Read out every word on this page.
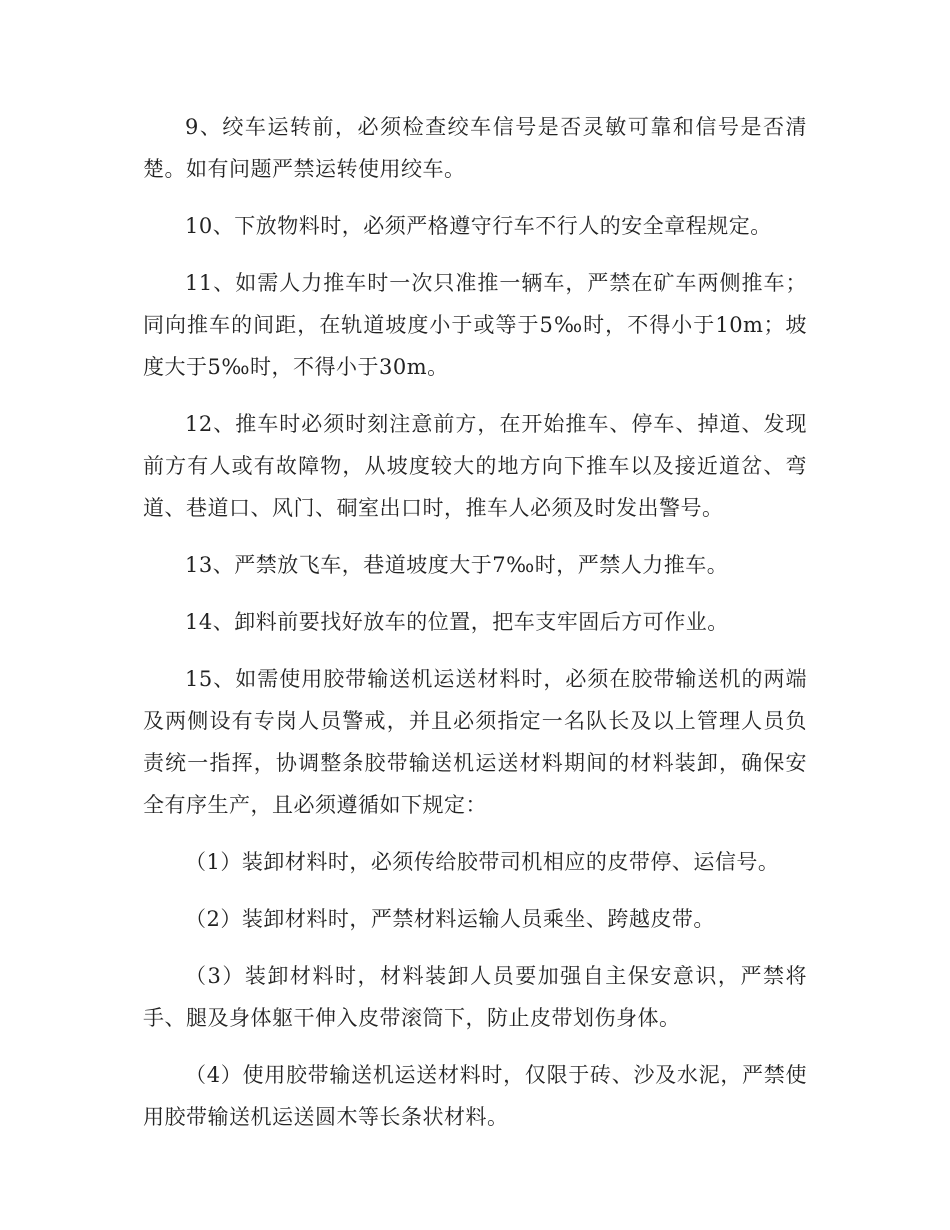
9、绞车运转前，必须检查绞车信号是否灵敏可靠和信号是否清楚。如有问题严禁运转使用绞车。

10、下放物料时，必须严格遵守行车不行人的安全章程规定。

11、如需人力推车时一次只准推一辆车，严禁在矿车两侧推车；同向推车的间距，在轨道坡度小于或等于5‰时，不得小于10m；坡度大于5‰时，不得小于30m。

12、推车时必须时刻注意前方，在开始推车、停车、掉道、发现前方有人或有故障物，从坡度较大的地方向下推车以及接近道岔、弯道、巷道口、风门、硐室出口时，推车人必须及时发出警号。

13、严禁放飞车，巷道坡度大于7‰时，严禁人力推车。

14、卸料前要找好放车的位置，把车支牢固后方可作业。

15、如需使用胶带输送机运送材料时，必须在胶带输送机的两端及两侧设有专岗人员警戒，并且必须指定一名队长及以上管理人员负责统一指挥，协调整条胶带输送机运送材料期间的材料装卸，确保安全有序生产，且必须遵循如下规定：

（1）装卸材料时，必须传给胶带司机相应的皮带停、运信号。

（2）装卸材料时，严禁材料运输人员乘坐、跨越皮带。

（3）装卸材料时，材料装卸人员要加强自主保安意识，严禁将手、腿及身体躯干伸入皮带滚筒下，防止皮带划伤身体。

（4）使用胶带输送机运送材料时，仅限于砖、沙及水泥，严禁使用胶带输送机运送圆木等长条状材料。
